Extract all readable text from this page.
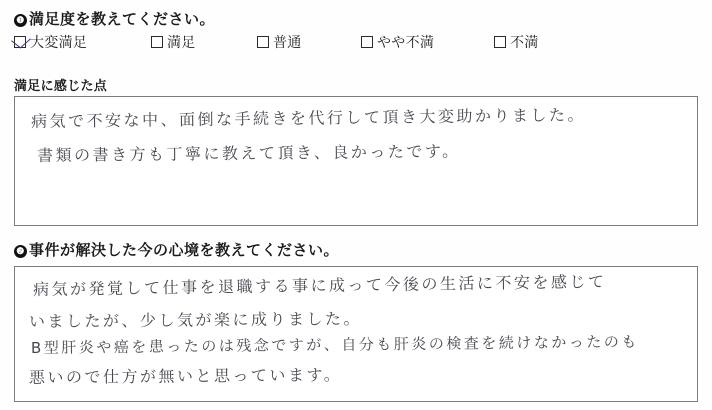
❶ 満足度を教えてください。
大変満足	満足	普通	やや不満	不満
満足に感じた点
病気で不安な中、面倒な手続きを代行して頂き大変助かりました。
書類の書き方も丁寧に教えて頂き、良かったです。
❷ 事件が解決した今の心境を教えてください。
病気が発覚して仕事を退職する事に成って今後の生活に不安を感じて
いましたが、少し気が楽に成りました。
B型肝炎や癌を患ったのは残念ですが、自分も肝炎の検査を続けなかったのも
悪いので仕方が無いと思っています。
